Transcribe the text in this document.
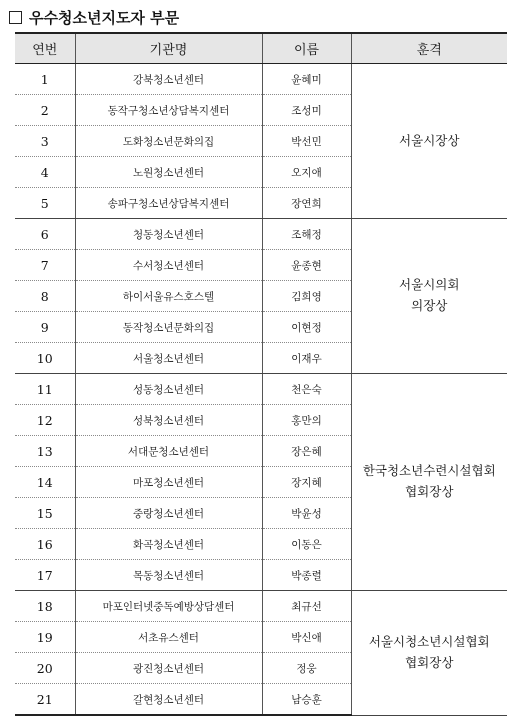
우수청소년지도자 부문
연번	기관명	이름	훈격
1	강북청소년센터	윤혜미	서울시장상
2	동작구청소년상담복지센터	조성미	
3	도화청소년문화의집	박선민	
4	노원청소년센터	오지애	
5	송파구청소년상담복지센터	장연희	
6	청동청소년센터	조해정	서울시의회
의장상
7	수서청소년센터	윤종현	
8	하이서울유스호스텔	김희영	
9	동작청소년문화의집	이현정	
10	서울청소년센터	이재우	
11	성동청소년센터	천은숙	한국청소년수련시설협회
협회장상
12	성북청소년센터	홍만의	
13	서대문청소년센터	장은혜	
14	마포청소년센터	장지혜	
15	중랑청소년센터	박윤성	
16	화곡청소년센터	이동은	
17	목동청소년센터	박종렬	
18	마포인터넷중독예방상담센터	최규선	서울시청소년시설협회
협회장상
19	서초유스센터	박신애	
20	광진청소년센터	정웅	
21	갈현청소년센터	남승훈	
